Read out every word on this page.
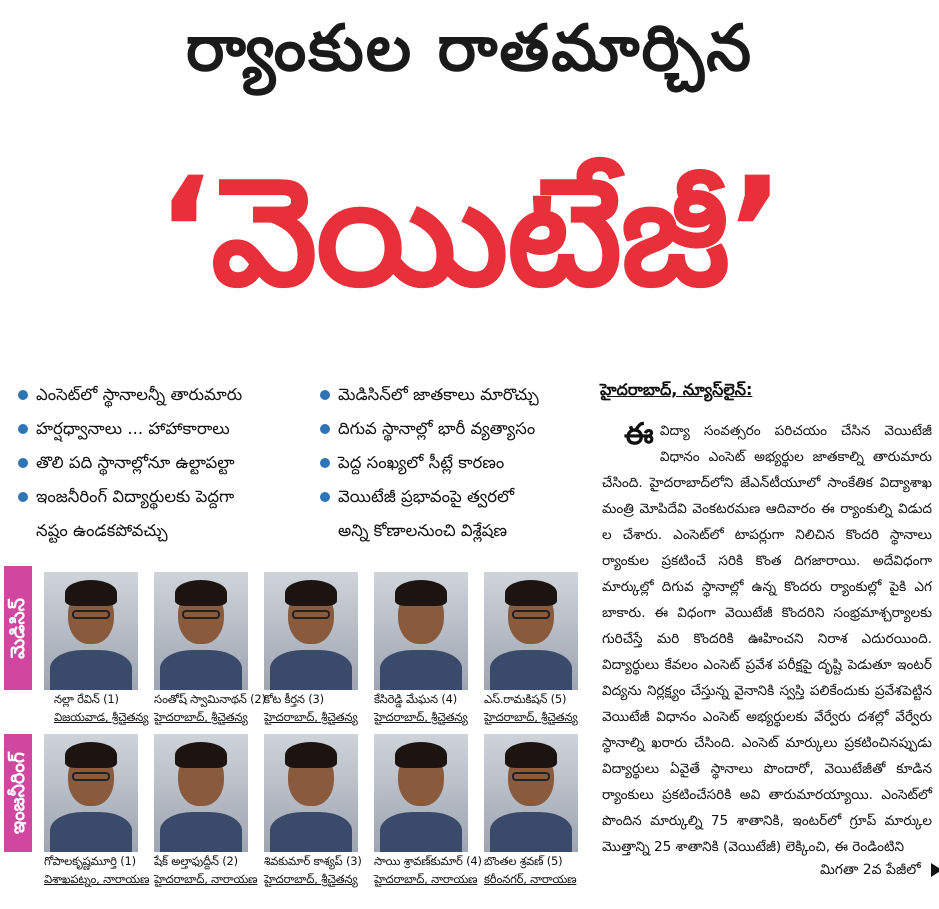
ర్యాంకుల రాతమార్చిన
‘వెయిటేజీ’
ఎంసెట్‌లో స్థానాలన్నీ తారుమారు
హర్షధ్వానాలు ... హాహాకారాలు
తొలి పది స్థానాల్లోనూ ఉల్టాపల్టా
ఇంజనీరింగ్ విద్యార్థులకు పెద్దగా
నష్టం ఉండకపోవచ్చు
మెడిసిన్‌లో జాతకాలు మారొచ్చు
దిగువ స్థానాల్లో భారీ వ్యత్యాసం
పెద్ద సంఖ్యలో సీట్లే కారణం
వెయిటేజీ ప్రభావంపై త్వరలో
అన్ని కోణాలనుంచి విశ్లేషణ
హైదరాబాద్, న్యూస్‌లైన్:

ఈ విద్యా సంవత్సరం పరిచయం చేసిన వెయిటేజీ విధానం ఎంసెట్ అభ్యర్థుల జాతకాల్ని తారుమారు చేసింది. హైదరాబాద్‌లోని జేఎన్‌టీయూలో సాంకేతిక విద్యాశాఖ మంత్రి మోపిదేవి వెంకటరమణ ఆదివారం ఈ ర్యాంకుల్ని విడుదల చేశారు. ఎంసెట్‌లో టాపర్లుగా నిలిచిన కొందరి స్థానాలు ర్యాంకుల ప్రకటించే సరికి కొంత దిగజారాయి. అదేవిధంగా మార్కుల్లో దిగువ స్థానాల్లో ఉన్న కొందరు ర్యాంకుల్లో పైకి ఎగబాకారు. ఈ విధంగా వెయిటేజీ కొందరిని సంభ్రమాశ్చర్యాలకు గురిచేస్తే మరి కొందరికి ఊహించని నిరాశ ఎదురయింది. విద్యార్థులు కేవలం ఎంసెట్ ప్రవేశ పరీక్షపై దృష్టి పెడుతూ ఇంటర్ విద్యను నిర్లక్ష్యం చేస్తున్న వైనానికి స్వస్తి పలికేందుకు ప్రవేశపెట్టిన వెయిటేజీ విధానం ఎంసెట్ అభ్యర్థులకు వేర్వేరు దశల్లో వేర్వేరు స్థానాల్ని ఖరారు చేసింది. ఎంసెట్ మార్కులు ప్రకటించినప్పుడు విద్యార్థులు ఏవైతే స్థానాలు పొందారో, వెయిటేజీతో కూడిన ర్యాంకులు ప్రకటించేసరికి అవి తారుమారయ్యాయి. ఎంసెట్‌లో పొందిన మార్కుల్ని 75 శాతానికి, ఇంటర్‌లో గ్రూప్ మార్కుల మొత్తాన్ని 25 శాతానికి (వెయిటేజీ) లెక్కించి, ఈ రెండింటిని

మిగతా 2వ పేజీలో
మెడిసిన్
నల్లా రేవిన్ (1)
విజయవాడ, శ్రీచైతన్య
సంతోష్ స్వామినాథన్ (2)
హైదరాబాద్, శ్రీచైతన్య
కోట కీర్తన (3)
హైదరాబాద్, శ్రీచైతన్య
కేసిరెడ్డి మేఘన (4)
హైదరాబాద్, శ్రీచైతన్య
ఎస్.రామకిషన్ (5)
హైదరాబాద్, శ్రీచైతన్య
ఇంజనీరింగ్
గోపాలకృష్ణమూర్తి (1)
విశాఖపట్నం, నారాయణ
షేక్ అల్తాఫుద్దీన్ (2)
హైదరాబాద్, నారాయణ
శివకుమార్ కాశ్యప్ (3)
హైదరాబాద్, శ్రీచైతన్య
సాయి శ్రావణ్‌కుమార్ (4)
హైదరాబాద్, నారాయణ
బొంతల శ్రవణ్ (5)
కరీంనగర్, నారాయణ
